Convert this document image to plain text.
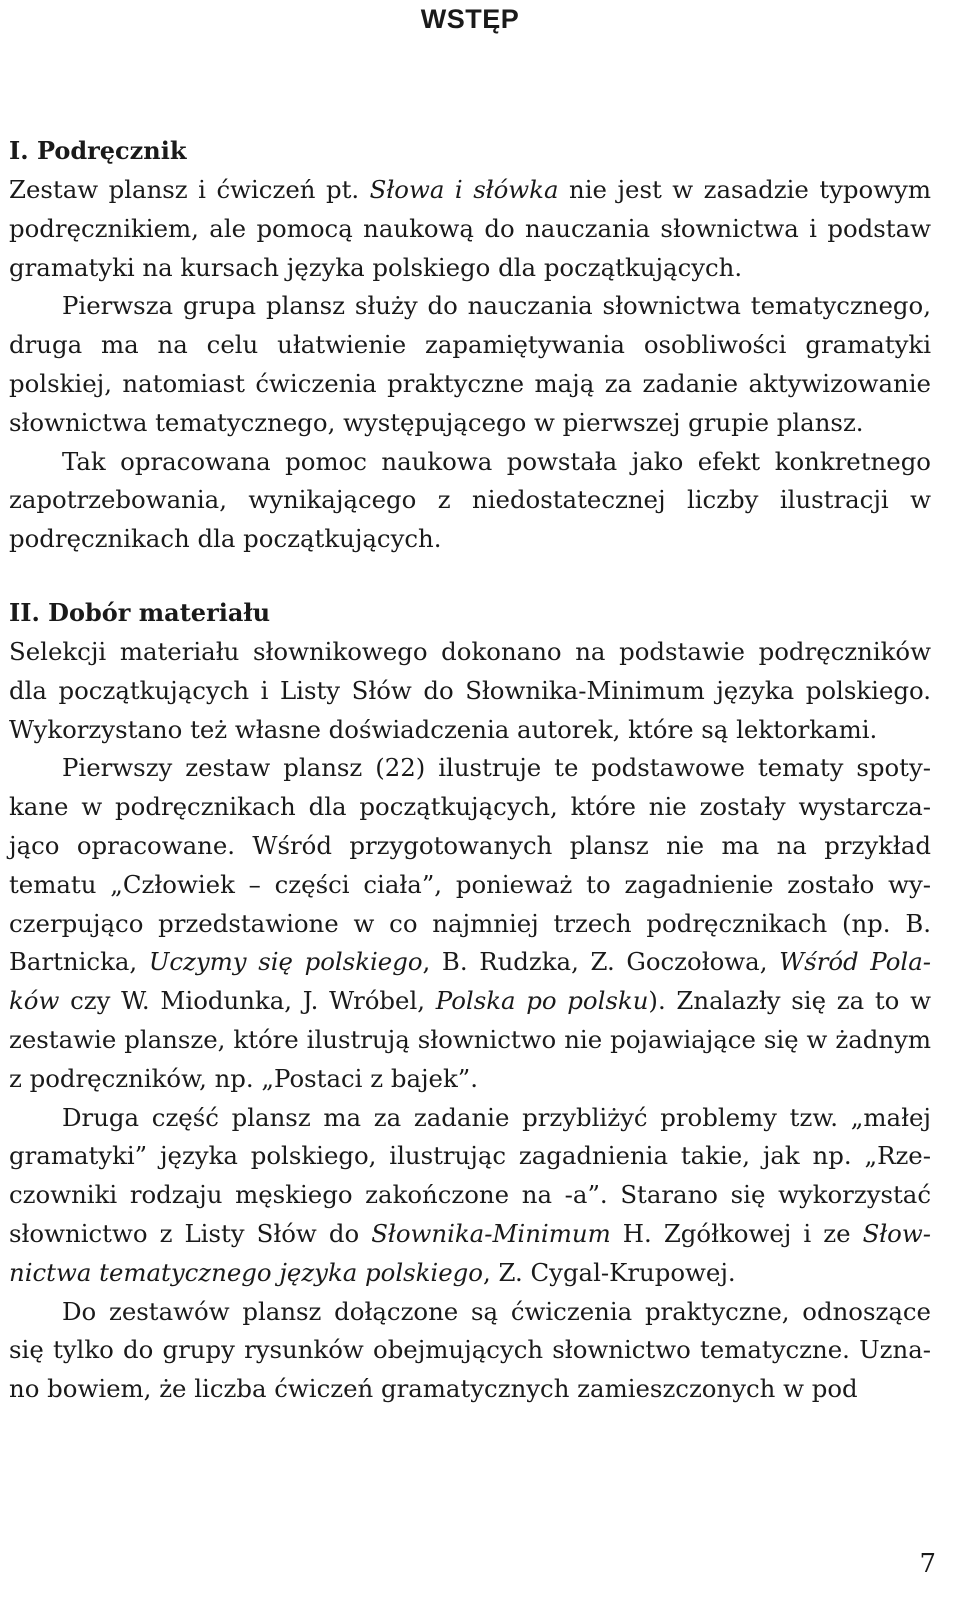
WSTĘP
I. Podręcznik

Zestaw plansz i ćwiczeń pt. Słowa i słówka nie jest w zasadzie typowym podręcznikiem, ale pomocą naukową do nauczania słownictwa i podstaw gramatyki na kursach języka polskiego dla początkujących.

Pierwsza grupa plansz służy do nauczania słownictwa tematycznego, druga ma na celu ułatwienie zapamiętywania osobliwości gramatyki polskiej, natomiast ćwiczenia praktyczne mają za zadanie aktywizowanie słownictwa tematycznego, występującego w pierwszej grupie plansz.

Tak opracowana pomoc naukowa powstała jako efekt konkretnego zapotrzebowania, wynikającego z niedostatecznej liczby ilustracji w podręcznikach dla początkujących.

II. Dobór materiału

Selekcji materiału słownikowego dokonano na podstawie podręczników dla początkujących i Listy Słów do Słownika-Minimum języka polskiego. Wykorzystano też własne doświadczenia autorek, które są lektorkami.

Pierwszy zestaw plansz (22) ilustruje te podstawowe tematy spotykane w podręcznikach dla początkujących, które nie zostały wystarczająco opracowane. Wśród przygotowanych plansz nie ma na przykład tematu „Człowiek – części ciała”, ponieważ to zagadnienie zostało wyczerpująco przedstawione w co najmniej trzech podręcznikach (np. B. Bartnicka, Uczymy się polskiego, B. Rudzka, Z. Goczołowa, Wśród Polaków czy W. Miodunka, J. Wróbel, Polska po polsku). Znalazły się za to w zestawie plansze, które ilustrują słownictwo nie pojawiające się w żadnym z podręczników, np. „Postaci z bajek”.

Druga część plansz ma za zadanie przybliżyć problemy tzw. „małej gramatyki” języka polskiego, ilustrując zagadnienia takie, jak np. „Rzeczowniki rodzaju męskiego zakończone na -a”. Starano się wykorzystać słownictwo z Listy Słów do Słownika-Minimum H. Zgółkowej i ze Słownictwa tematycznego języka polskiego, Z. Cygal-Krupowej.

Do zestawów plansz dołączone są ćwiczenia praktyczne, odnoszące się tylko do grupy rysunków obejmujących słownictwo tematyczne. Uznano bowiem, że liczba ćwiczeń gramatycznych zamieszczonych w pod

7
